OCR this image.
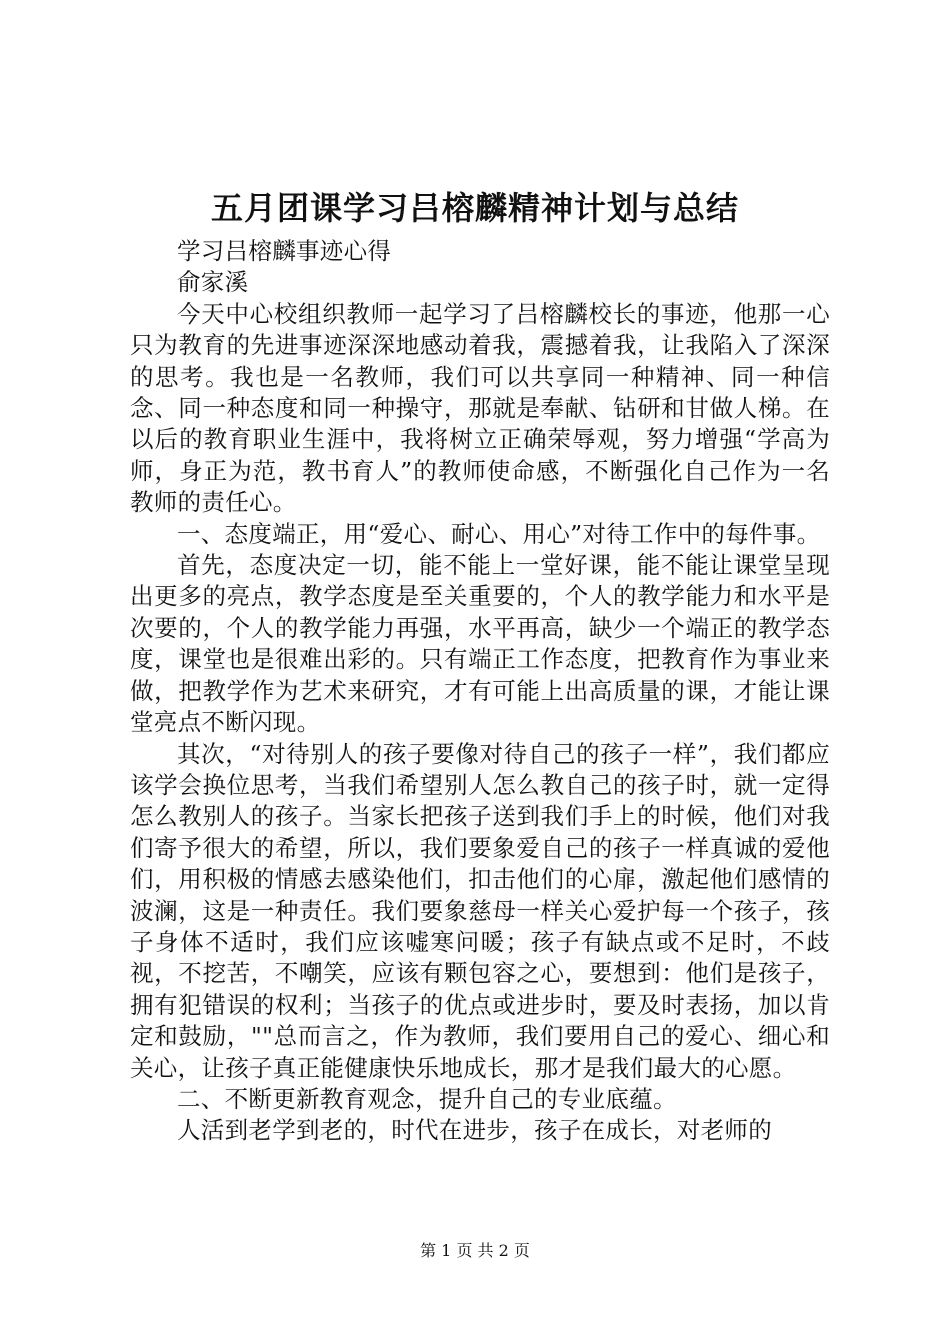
五月团课学习吕榕麟精神计划与总结

学习吕榕麟事迹心得

俞家溪

今天中心校组织教师一起学习了吕榕麟校长的事迹，他那一心只为教育的先进事迹深深地感动着我，震撼着我，让我陷入了深深的思考。我也是一名教师，我们可以共享同一种精神、同一种信念、同一种态度和同一种操守，那就是奉献、钻研和甘做人梯。在以后的教育职业生涯中，我将树立正确荣辱观，努力增强“学高为师，身正为范，教书育人”的教师使命感，不断强化自己作为一名教师的责任心。

一、态度端正，用“爱心、耐心、用心”对待工作中的每件事。

首先，态度决定一切，能不能上一堂好课，能不能让课堂呈现出更多的亮点，教学态度是至关重要的，个人的教学能力和水平是次要的，个人的教学能力再强，水平再高，缺少一个端正的教学态度，课堂也是很难出彩的。只有端正工作态度，把教育作为事业来做，把教学作为艺术来研究，才有可能上出高质量的课，才能让课堂亮点不断闪现。

其次，“对待别人的孩子要像对待自己的孩子一样”，我们都应该学会换位思考，当我们希望别人怎么教自己的孩子时，就一定得怎么教别人的孩子。当家长把孩子送到我们手上的时候，他们对我们寄予很大的希望，所以，我们要象爱自己的孩子一样真诚的爱他们，用积极的情感去感染他们，扣击他们的心扉，激起他们感情的波澜，这是一种责任。我们要象慈母一样关心爱护每一个孩子，孩子身体不适时，我们应该嘘寒问暖；孩子有缺点或不足时，不歧视，不挖苦，不嘲笑，应该有颗包容之心，要想到：他们是孩子，拥有犯错误的权利；当孩子的优点或进步时，要及时表扬，加以肯定和鼓励，""总而言之，作为教师，我们要用自己的爱心、细心和关心，让孩子真正能健康快乐地成长，那才是我们最大的心愿。

二、不断更新教育观念，提升自己的专业底蕴。

人活到老学到老的，时代在进步，孩子在成长，对老师的

第 1 页 共 2 页
